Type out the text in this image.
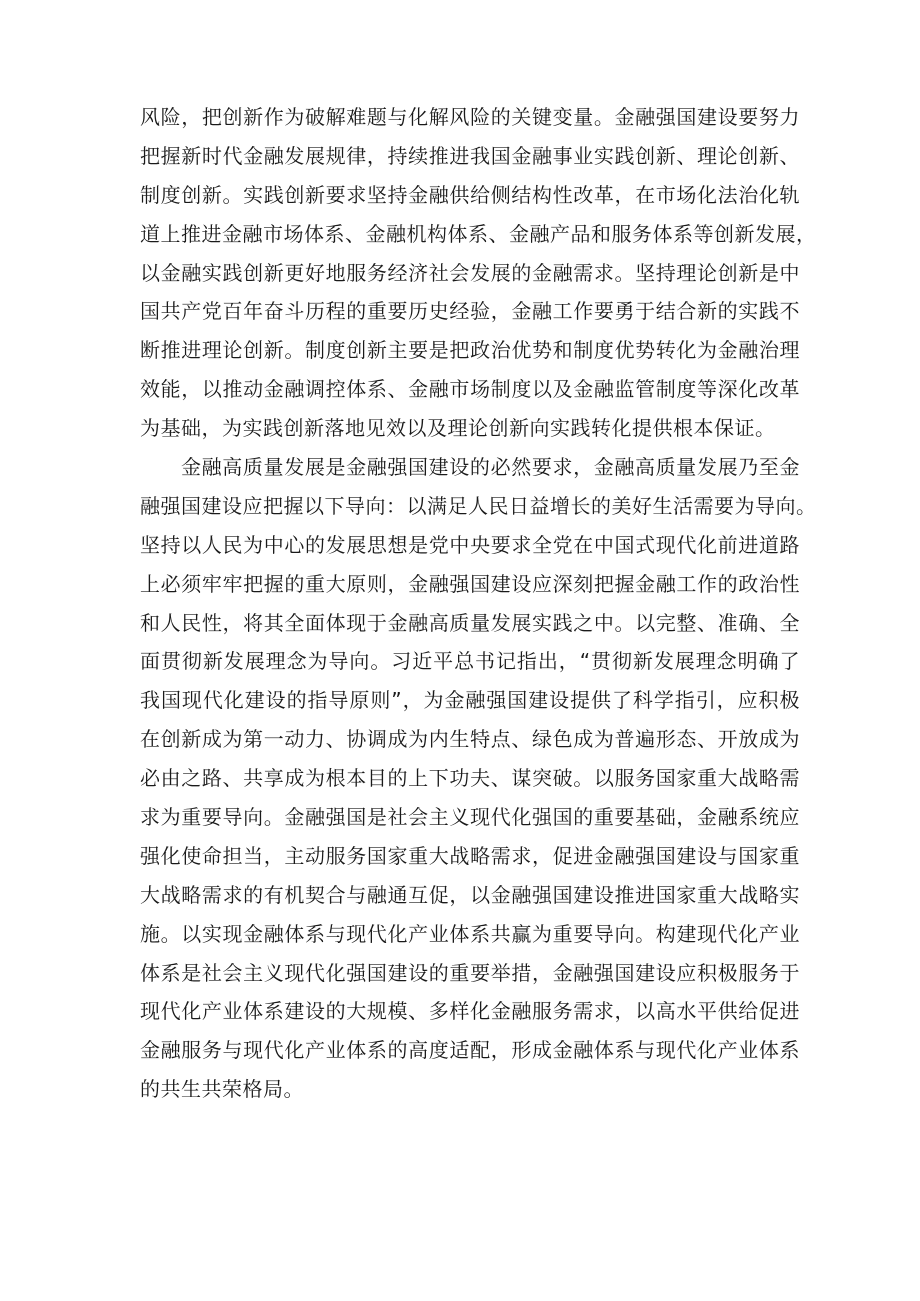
风险，把创新作为破解难题与化解风险的关键变量。金融强国建设要努力
把握新时代金融发展规律，持续推进我国金融事业实践创新、理论创新、
制度创新。实践创新要求坚持金融供给侧结构性改革，在市场化法治化轨
道上推进金融市场体系、金融机构体系、金融产品和服务体系等创新发展，
以金融实践创新更好地服务经济社会发展的金融需求。坚持理论创新是中
国共产党百年奋斗历程的重要历史经验，金融工作要勇于结合新的实践不
断推进理论创新。制度创新主要是把政治优势和制度优势转化为金融治理
效能，以推动金融调控体系、金融市场制度以及金融监管制度等深化改革
为基础，为实践创新落地见效以及理论创新向实践转化提供根本保证。
金融高质量发展是金融强国建设的必然要求，金融高质量发展乃至金
融强国建设应把握以下导向：以满足人民日益增长的美好生活需要为导向。
坚持以人民为中心的发展思想是党中央要求全党在中国式现代化前进道路
上必须牢牢把握的重大原则，金融强国建设应深刻把握金融工作的政治性
和人民性，将其全面体现于金融高质量发展实践之中。以完整、准确、全
面贯彻新发展理念为导向。习近平总书记指出，“贯彻新发展理念明确了
我国现代化建设的指导原则”，为金融强国建设提供了科学指引，应积极
在创新成为第一动力、协调成为内生特点、绿色成为普遍形态、开放成为
必由之路、共享成为根本目的上下功夫、谋突破。以服务国家重大战略需
求为重要导向。金融强国是社会主义现代化强国的重要基础，金融系统应
强化使命担当，主动服务国家重大战略需求，促进金融强国建设与国家重
大战略需求的有机契合与融通互促，以金融强国建设推进国家重大战略实
施。以实现金融体系与现代化产业体系共赢为重要导向。构建现代化产业
体系是社会主义现代化强国建设的重要举措，金融强国建设应积极服务于
现代化产业体系建设的大规模、多样化金融服务需求，以高水平供给促进
金融服务与现代化产业体系的高度适配，形成金融体系与现代化产业体系
的共生共荣格局。
